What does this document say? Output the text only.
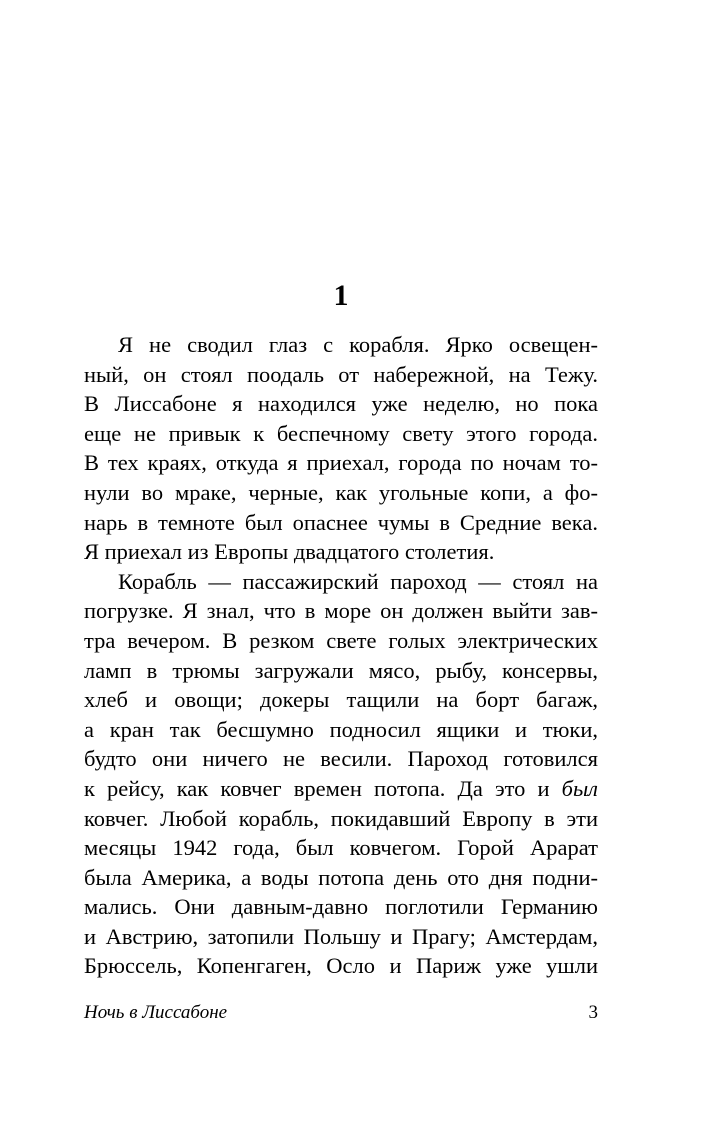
1
Я не сводил глаз с корабля. Ярко освещен-
ный, он стоял поодаль от набережной, на Тежу.
В Лиссабоне я находился уже неделю, но пока
еще не привык к беспечному свету этого города.
В тех краях, откуда я приехал, города по ночам то-
нули во мраке, черные, как угольные копи, а фо-
нарь в темноте был опаснее чумы в Средние века.
Я приехал из Европы двадцатого столетия.
Корабль — пассажирский пароход — стоял на
погрузке. Я знал, что в море он должен выйти зав-
тра вечером. В резком свете голых электрических
ламп в трюмы загружали мясо, рыбу, консервы,
хлеб и овощи; докеры тащили на борт багаж,
а кран так бесшумно подносил ящики и тюки,
будто они ничего не весили. Пароход готовился
к рейсу, как ковчег времен потопа. Да это и был
ковчег. Любой корабль, покидавший Европу в эти
месяцы 1942 года, был ковчегом. Горой Арарат
была Америка, а воды потопа день ото дня подни-
мались. Они давным-давно поглотили Германию
и Австрию, затопили Польшу и Прагу; Амстердам,
Брюссель, Копенгаген, Осло и Париж уже ушли
Ночь в Лиссабоне	3
